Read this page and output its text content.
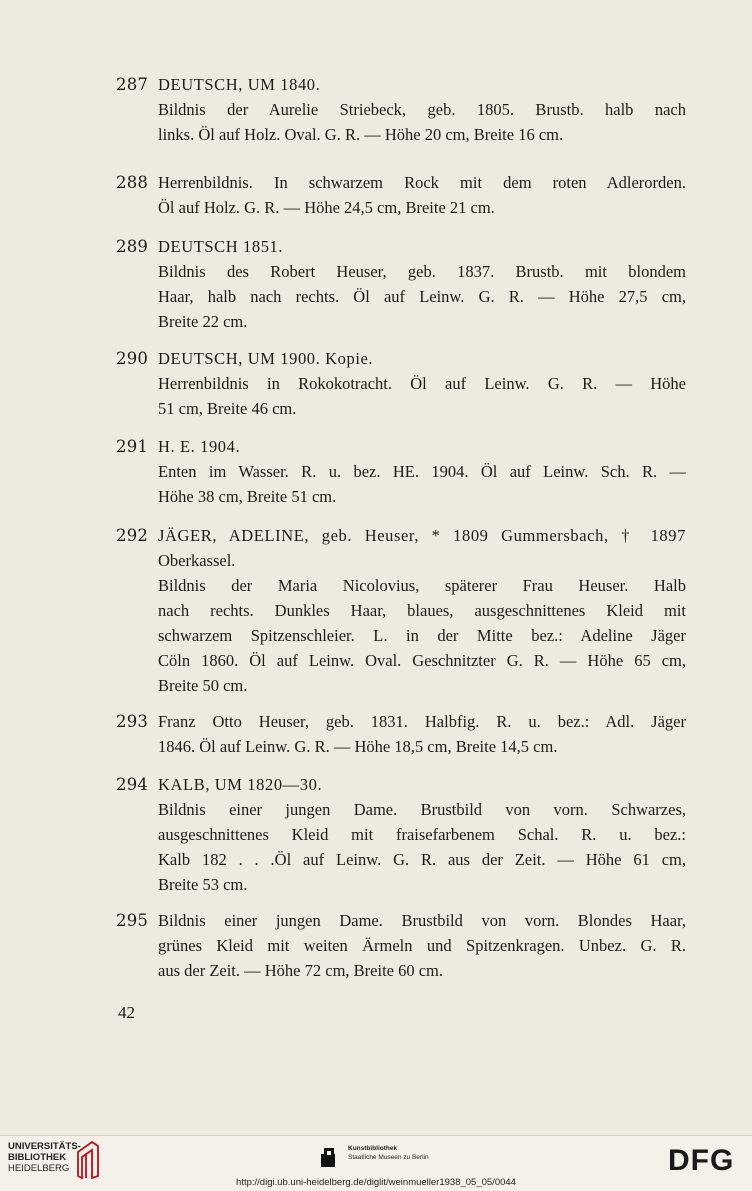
287 DEUTSCH, UM 1840.
Bildnis der Aurelie Striebeck, geb. 1805. Brustb. halb nach
links. Öl auf Holz. Oval. G. R. — Höhe 20 cm, Breite 16 cm.
288 Herrenbildnis. In schwarzem Rock mit dem roten Adlerorden.
Öl auf Holz. G. R. — Höhe 24,5 cm, Breite 21 cm.
289 DEUTSCH 1851.
Bildnis des Robert Heuser, geb. 1837. Brustb. mit blondem
Haar, halb nach rechts. Öl auf Leinw. G. R. — Höhe 27,5 cm,
Breite 22 cm.
290 DEUTSCH, UM 1900. Kopie.
Herrenbildnis in Rokokotracht. Öl auf Leinw. G. R. — Höhe
51 cm, Breite 46 cm.
291 H. E. 1904.
Enten im Wasser. R. u. bez. HE. 1904. Öl auf Leinw. Sch. R. —
Höhe 38 cm, Breite 51 cm.
292 JÄGER, ADELINE, geb. Heuser, * 1809 Gummersbach, † 1897
Oberkassel.
Bildnis der Maria Nicolovius, späterer Frau Heuser. Halb
nach rechts. Dunkles Haar, blaues, ausgeschnittenes Kleid mit
schwarzem Spitzenschleier. L. in der Mitte bez.: Adeline Jäger
Cöln 1860. Öl auf Leinw. Oval. Geschnitzter G. R. — Höhe 65 cm,
Breite 50 cm.
293 Franz Otto Heuser, geb. 1831. Halbfig. R. u. bez.: Adl. Jäger
1846. Öl auf Leinw. G. R. — Höhe 18,5 cm, Breite 14,5 cm.
294 KALB, UM 1820—30.
Bildnis einer jungen Dame. Brustbild von vorn. Schwarzes,
ausgeschnittenes Kleid mit fraisefarbenem Schal. R. u. bez.:
Kalb 182 . . .Öl auf Leinw. G. R. aus der Zeit. — Höhe 61 cm,
Breite 53 cm.
295 Bildnis einer jungen Dame. Brustbild von vorn. Blondes Haar,
grünes Kleid mit weiten Ärmeln und Spitzenkragen. Unbez. G. R.
aus der Zeit. — Höhe 72 cm, Breite 60 cm.
42
UNIVERSITÄTS-
BIBLIOTHEK
HEIDELBERG
Kunstbibliothek
Staatliche Museen zu Berlin	DFG
http://digi.ub.uni-heidelberg.de/diglit/weinmueller1938_05_05/0044
